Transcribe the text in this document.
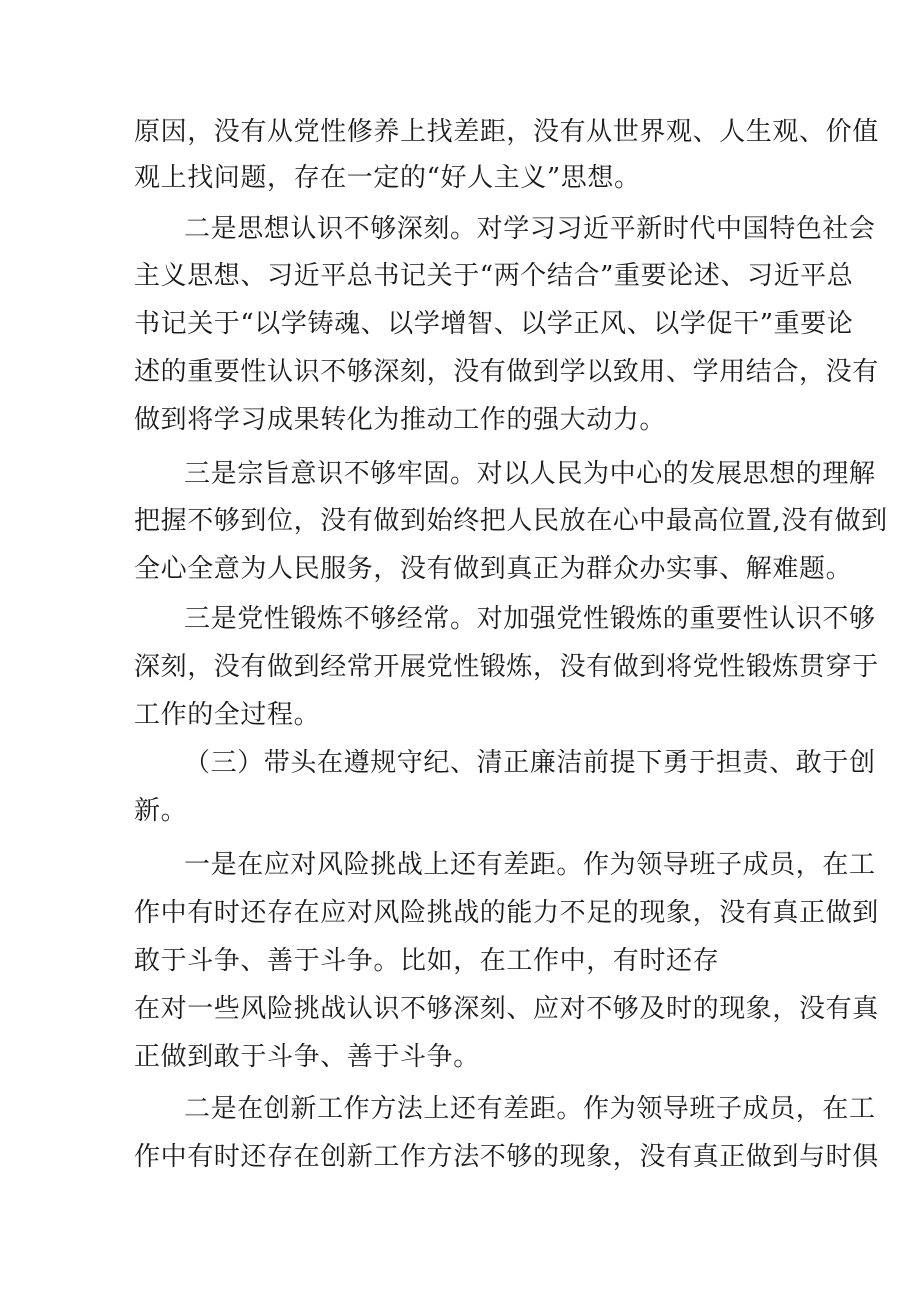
原因，没有从党性修养上找差距，没有从世界观、人生观、价值
观上找问题，存在一定的“好人主义”思想。
二是思想认识不够深刻。对学习习近平新时代中国特色社会
主义思想、习近平总书记关于“两个结合”重要论述、习近平总
书记关于“以学铸魂、以学增智、以学正风、以学促干”重要论
述的重要性认识不够深刻，没有做到学以致用、学用结合，没有
做到将学习成果转化为推动工作的强大动力。
三是宗旨意识不够牢固。对以人民为中心的发展思想的理解
把握不够到位，没有做到始终把人民放在心中最高位置,没有做到
全心全意为人民服务，没有做到真正为群众办实事、解难题。
三是党性锻炼不够经常。对加强党性锻炼的重要性认识不够
深刻，没有做到经常开展党性锻炼，没有做到将党性锻炼贯穿于
工作的全过程。
（三）带头在遵规守纪、清正廉洁前提下勇于担责、敢于创
新。
一是在应对风险挑战上还有差距。作为领导班子成员，在工
作中有时还存在应对风险挑战的能力不足的现象，没有真正做到
敢于斗争、善于斗争。比如，在工作中，有时还存
在对一些风险挑战认识不够深刻、应对不够及时的现象，没有真
正做到敢于斗争、善于斗争。
二是在创新工作方法上还有差距。作为领导班子成员，在工
作中有时还存在创新工作方法不够的现象，没有真正做到与时俱
